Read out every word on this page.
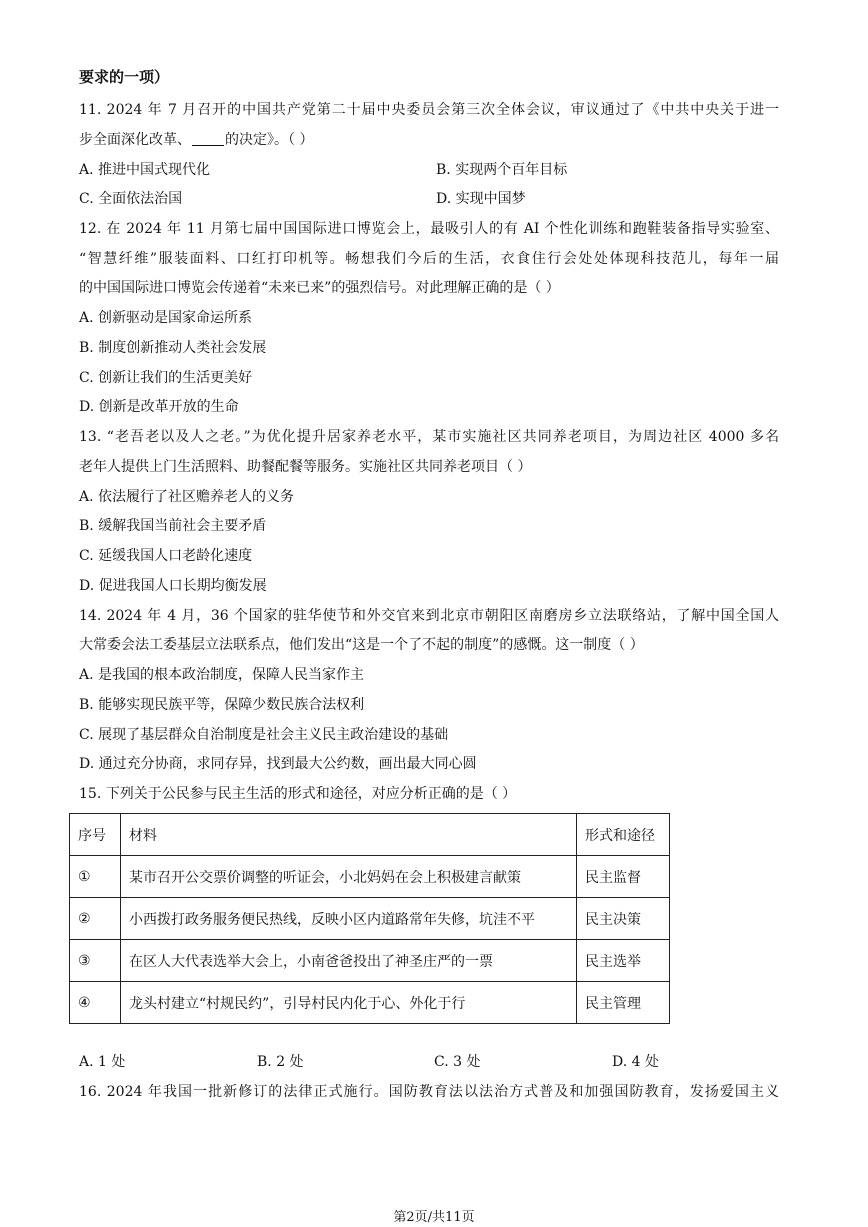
要求的一项）
11. 2024 年 7 月召开的中国共产党第二十届中央委员会第三次全体会议，审议通过了《中共中央关于进一
步全面深化改革、 的决定》。（ ）
A. 推进中国式现代化	B. 实现两个百年目标
C. 全面依法治国	D. 实现中国梦
12. 在 2024 年 11 月第七届中国国际进口博览会上，最吸引人的有 AI 个性化训练和跑鞋装备指导实验室、
“智慧纤维”服装面料、口红打印机等。畅想我们今后的生活，衣食住行会处处体现科技范儿，每年一届
的中国国际进口博览会传递着“未来已来”的强烈信号。对此理解正确的是（ ）
A. 创新驱动是国家命运所系
B. 制度创新推动人类社会发展
C. 创新让我们的生活更美好
D. 创新是改革开放的生命
13. “老吾老以及人之老。”为优化提升居家养老水平，某市实施社区共同养老项目，为周边社区 4000 多名
老年人提供上门生活照料、助餐配餐等服务。实施社区共同养老项目（ ）
A. 依法履行了社区赡养老人的义务
B. 缓解我国当前社会主要矛盾
C. 延缓我国人口老龄化速度
D. 促进我国人口长期均衡发展
14. 2024 年 4 月，36 个国家的驻华使节和外交官来到北京市朝阳区南磨房乡立法联络站，了解中国全国人
大常委会法工委基层立法联系点，他们发出“这是一个了不起的制度”的感慨。这一制度（ ）
A. 是我国的根本政治制度，保障人民当家作主
B. 能够实现民族平等，保障少数民族合法权利
C. 展现了基层群众自治制度是社会主义民主政治建设的基础
D. 通过充分协商，求同存异，找到最大公约数，画出最大同心圆
15. 下列关于公民参与民主生活的形式和途径，对应分析正确的是（ ）
序号	材料	形式和途径
①	某市召开公交票价调整的听证会，小北妈妈在会上积极建言献策	民主监督
②	小西拨打政务服务便民热线，反映小区内道路常年失修，坑洼不平	民主决策
③	在区人大代表选举大会上，小南爸爸投出了神圣庄严的一票	民主选举
④	龙头村建立“村规民约”，引导村民内化于心、外化于行	民主管理
A. 1 处	B. 2 处	C. 3 处	D. 4 处
16. 2024 年我国一批新修订的法律正式施行。国防教育法以法治方式普及和加强国防教育，发扬爱国主义
第2页/共11页
